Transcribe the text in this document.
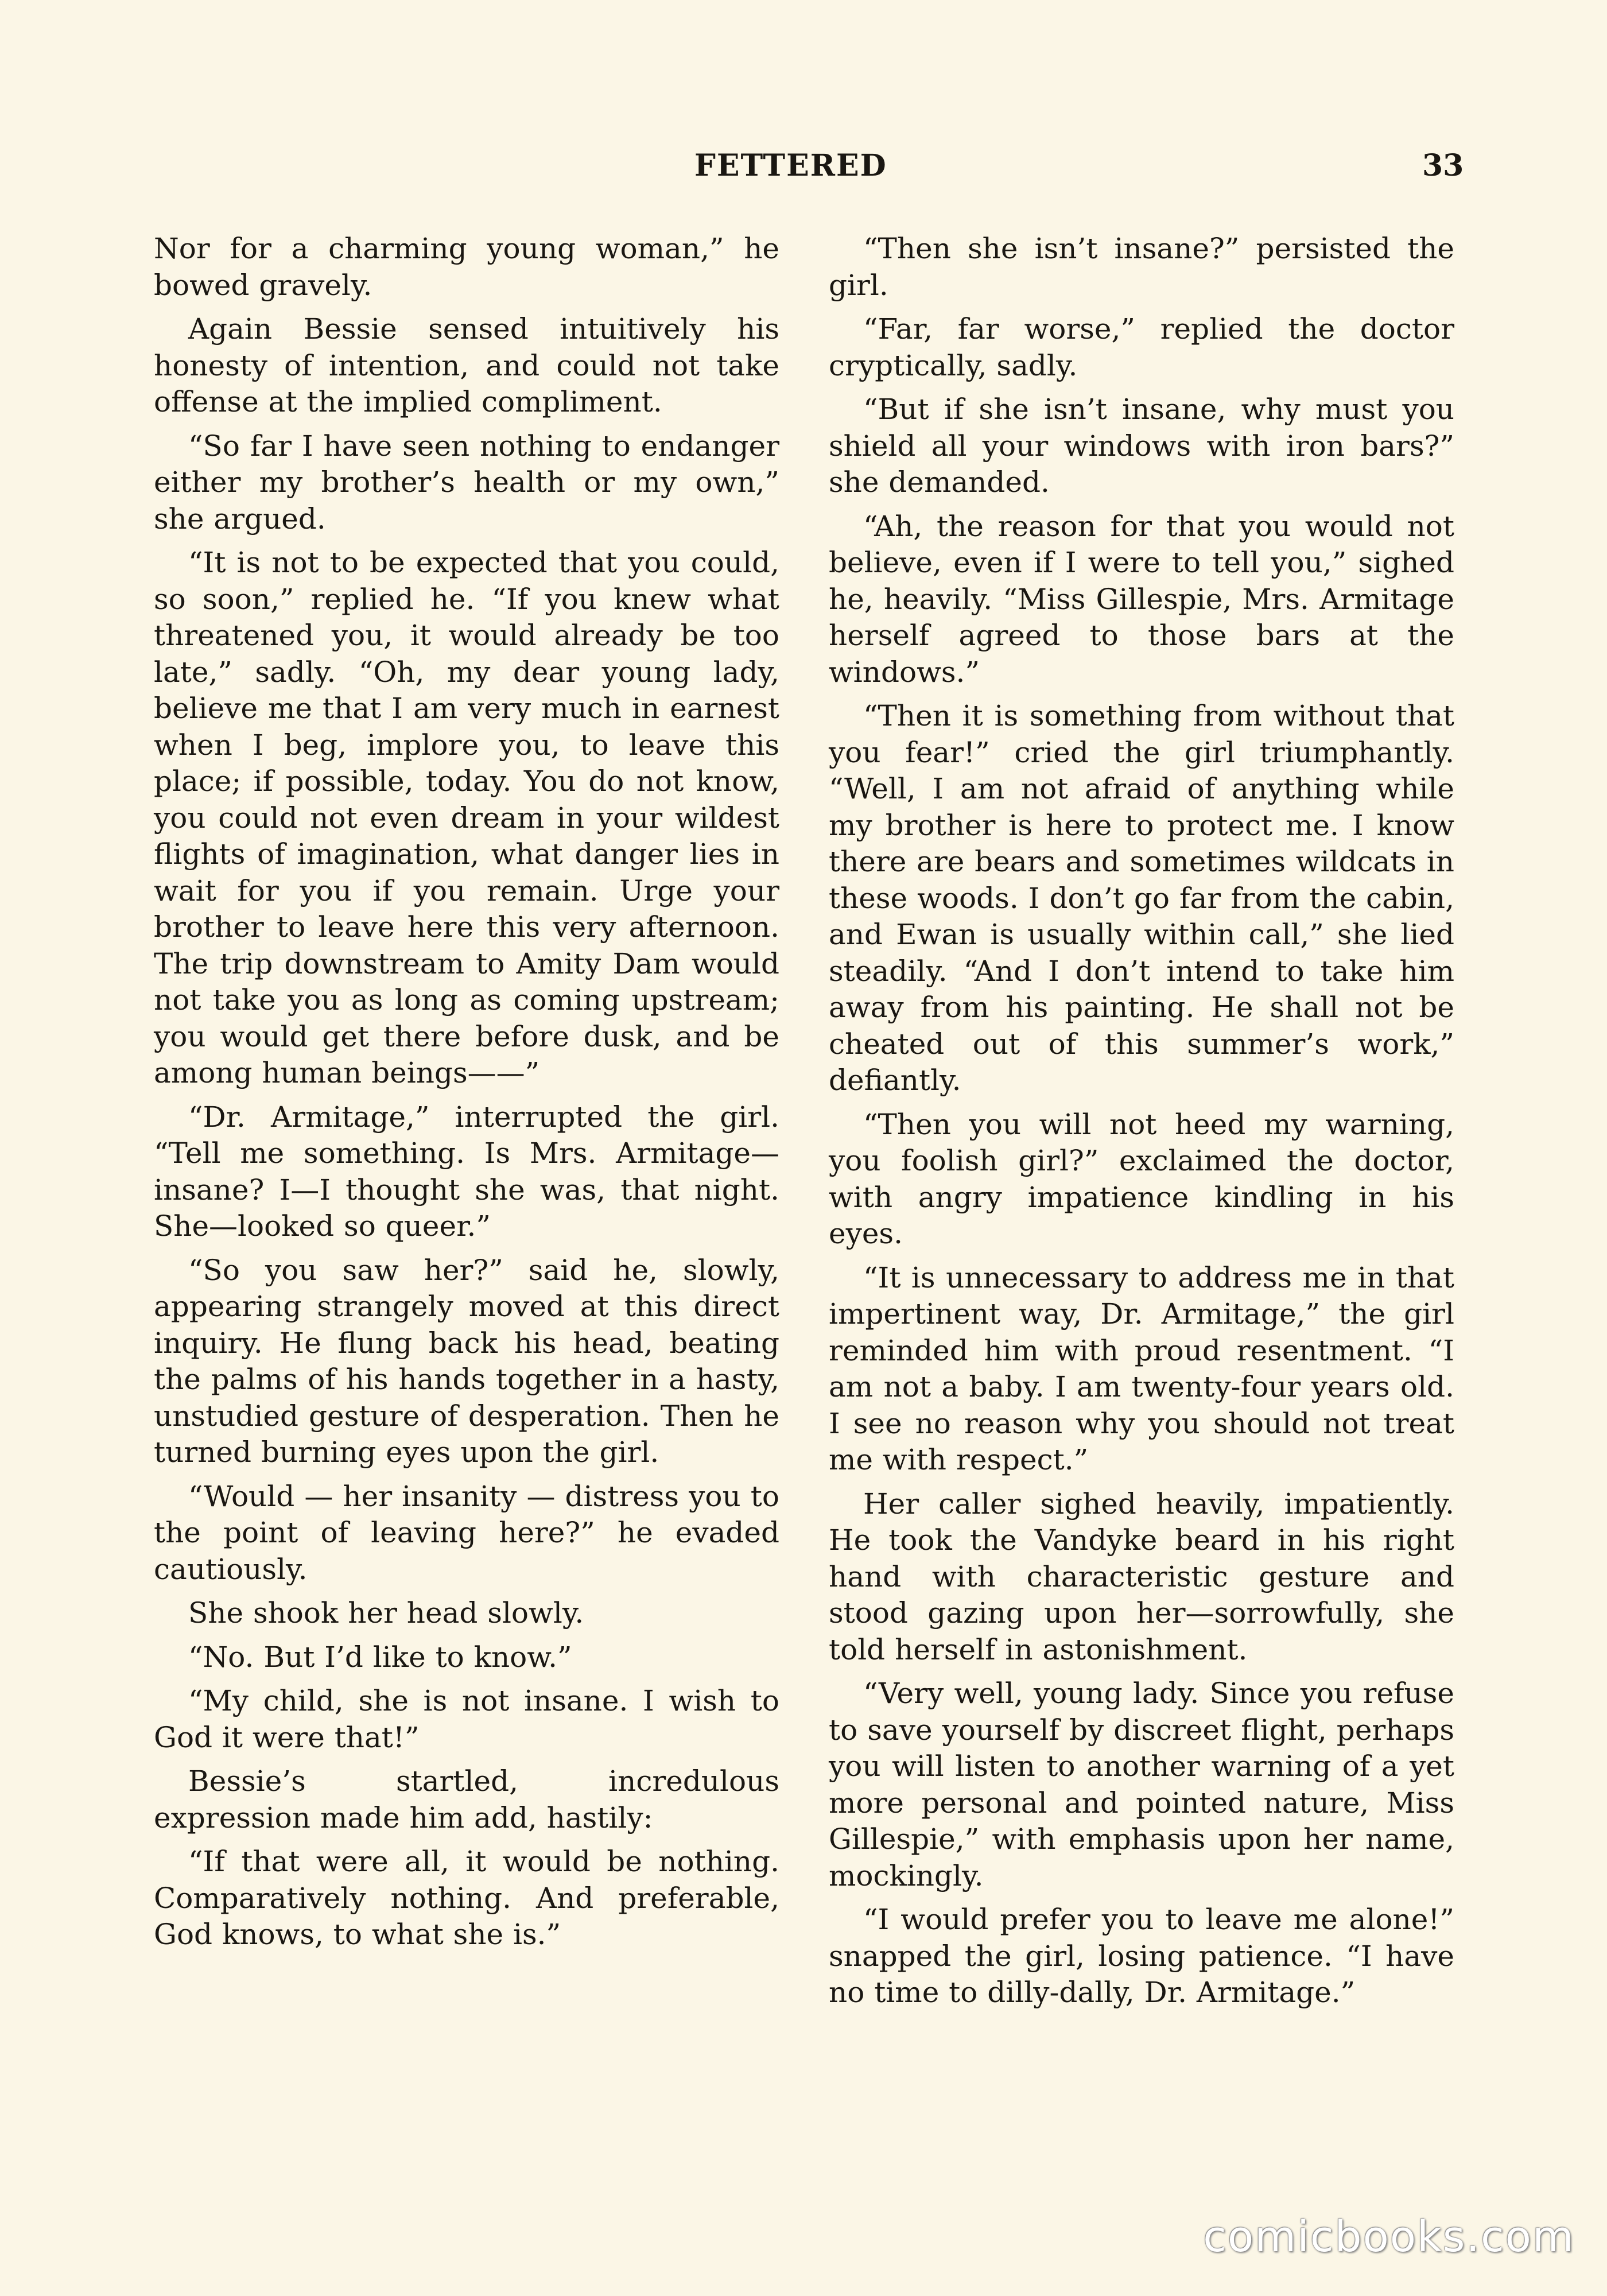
FETTERED	33

Nor for a charming young woman,” he bowed gravely.

Again Bessie sensed intuitively his honesty of intention, and could not take offense at the implied compliment.

“So far I have seen nothing to endanger either my brother’s health or my own,” she argued.

“It is not to be expected that you could, so soon,” replied he. “If you knew what threatened you, it would already be too late,” sadly. “Oh, my dear young lady, believe me that I am very much in earnest when I beg, implore you, to leave this place; if possible, today. You do not know, you could not even dream in your wildest flights of imagination, what danger lies in wait for you if you remain. Urge your brother to leave here this very afternoon. The trip downstream to Amity Dam would not take you as long as coming upstream; you would get there before dusk, and be among human beings——”

“Dr. Armitage,” interrupted the girl. “Tell me something. Is Mrs. Armitage—insane? I—I thought she was, that night. She—looked so queer.”

“So you saw her?” said he, slowly, appearing strangely moved at this direct inquiry. He flung back his head, beating the palms of his hands together in a hasty, unstudied gesture of desperation. Then he turned burning eyes upon the girl.

“Would — her insanity — distress you to the point of leaving here?” he evaded cautiously.

She shook her head slowly.

“No. But I’d like to know.”

“My child, she is not insane. I wish to God it were that!”

Bessie’s startled, incredulous expression made him add, hastily:

“If that were all, it would be nothing. Comparatively nothing. And preferable, God knows, to what she is.”

“Then she isn’t insane?” persisted the girl.

“Far, far worse,” replied the doctor cryptically, sadly.

“But if she isn’t insane, why must you shield all your windows with iron bars?” she demanded.

“Ah, the reason for that you would not believe, even if I were to tell you,” sighed he, heavily. “Miss Gillespie, Mrs. Armitage herself agreed to those bars at the windows.”

“Then it is something from without that you fear!” cried the girl triumphantly. “Well, I am not afraid of anything while my brother is here to protect me. I know there are bears and sometimes wildcats in these woods. I don’t go far from the cabin, and Ewan is usually within call,” she lied steadily. “And I don’t intend to take him away from his painting. He shall not be cheated out of this summer’s work,” defiantly.

“Then you will not heed my warning, you foolish girl?” exclaimed the doctor, with angry impatience kindling in his eyes.

“It is unnecessary to address me in that impertinent way, Dr. Armitage,” the girl reminded him with proud resentment. “I am not a baby. I am twenty-four years old. I see no reason why you should not treat me with respect.”

Her caller sighed heavily, impatiently. He took the Vandyke beard in his right hand with characteristic gesture and stood gazing upon her—sorrowfully, she told herself in astonishment.

“Very well, young lady. Since you refuse to save yourself by discreet flight, perhaps you will listen to another warning of a yet more personal and pointed nature, Miss Gillespie,” with emphasis upon her name, mockingly.

“I would prefer you to leave me alone!” snapped the girl, losing patience. “I have no time to dilly-dally, Dr. Armitage.”

comicbooks.com
